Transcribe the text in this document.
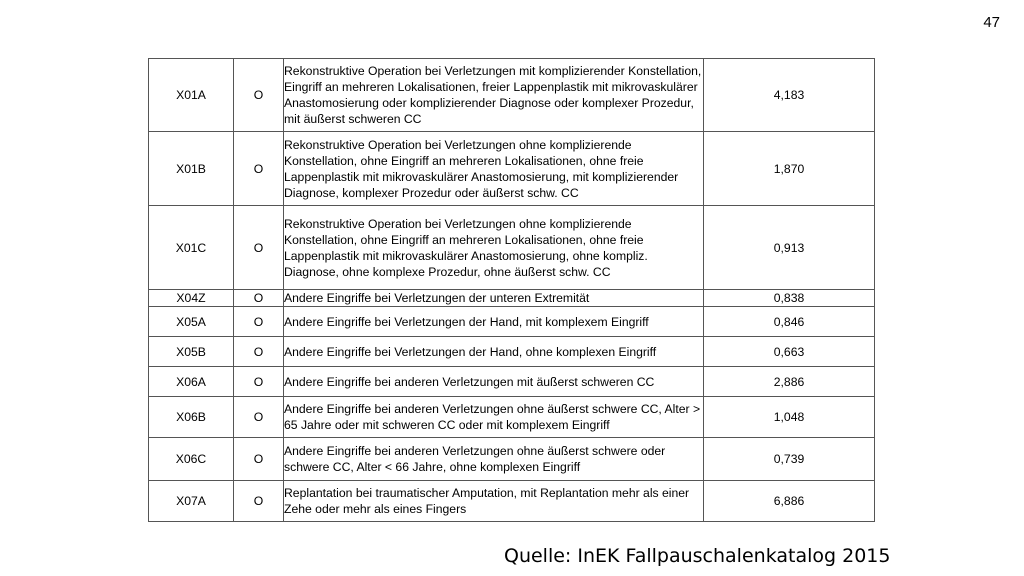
47
X01A	O	Rekonstruktive Operation bei Verletzungen mit komplizierender Konstellation, Eingriff an mehreren Lokalisationen, freier Lappenplastik mit mikrovaskulärer Anastomosierung oder komplizierender Diagnose oder komplexer Prozedur, mit äußerst schweren CC	4,183
X01B	O	Rekonstruktive Operation bei Verletzungen ohne komplizierende Konstellation, ohne Eingriff an mehreren Lokalisationen, ohne freie Lappenplastik mit mikrovaskulärer Anastomosierung, mit komplizierender Diagnose, komplexer Prozedur oder äußerst schw. CC	1,870
X01C	O	Rekonstruktive Operation bei Verletzungen ohne komplizierende Konstellation, ohne Eingriff an mehreren Lokalisationen, ohne freie Lappenplastik mit mikrovaskulärer Anastomosierung, ohne kompliz. Diagnose, ohne komplexe Prozedur, ohne äußerst schw. CC	0,913
X04Z	O	Andere Eingriffe bei Verletzungen der unteren Extremität	0,838
X05A	O	Andere Eingriffe bei Verletzungen der Hand, mit komplexem Eingriff	0,846
X05B	O	Andere Eingriffe bei Verletzungen der Hand, ohne komplexen Eingriff	0,663
X06A	O	Andere Eingriffe bei anderen Verletzungen mit äußerst schweren CC	2,886
X06B	O	Andere Eingriffe bei anderen Verletzungen ohne äußerst schwere CC, Alter > 65 Jahre oder mit schweren CC oder mit komplexem Eingriff	1,048
X06C	O	Andere Eingriffe bei anderen Verletzungen ohne äußerst schwere oder schwere CC, Alter < 66 Jahre, ohne komplexen Eingriff	0,739
X07A	O	Replantation bei traumatischer Amputation, mit Replantation mehr als einer Zehe oder mehr als eines Fingers	6,886
Quelle: InEK Fallpauschalenkatalog 2015
